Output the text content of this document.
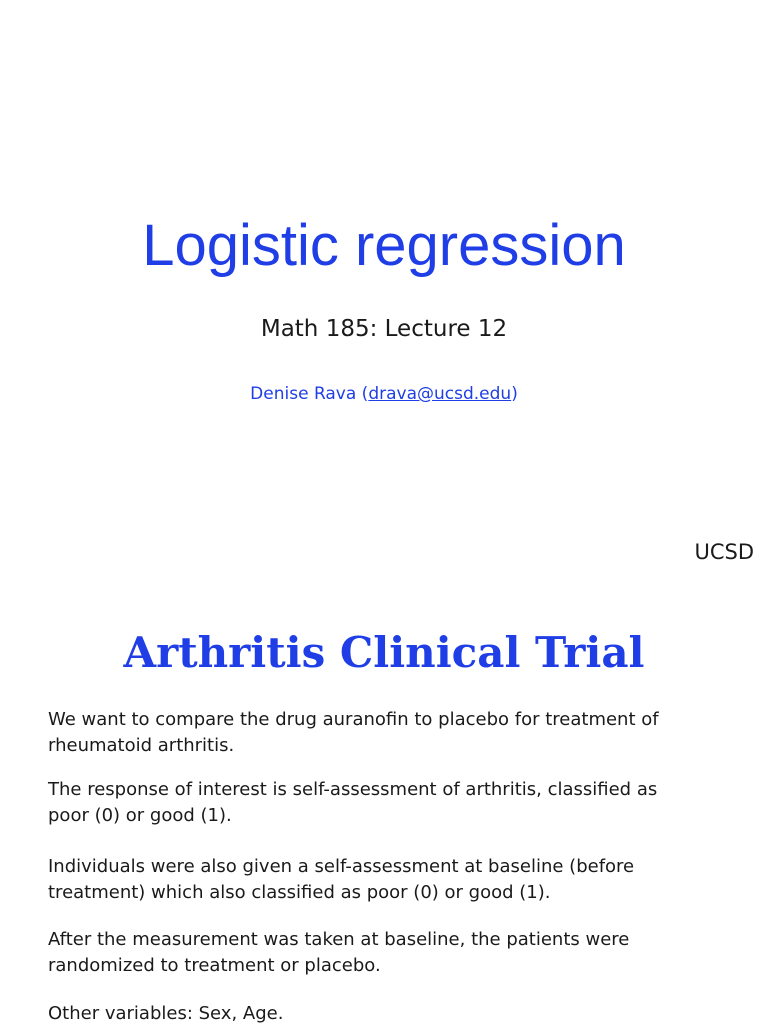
Logistic regression
Math 185: Lecture 12
Denise Rava (drava@ucsd.edu)
UCSD
Arthritis Clinical Trial

We want to compare the drug auranofin to placebo for treatment of rheumatoid arthritis.

The response of interest is self-assessment of arthritis, classified as poor (0) or good (1).

Individuals were also given a self-assessment at baseline (before treatment) which also classified as poor (0) or good (1).

After the measurement was taken at baseline, the patients were randomized to treatment or placebo.

Other variables: Sex, Age.
